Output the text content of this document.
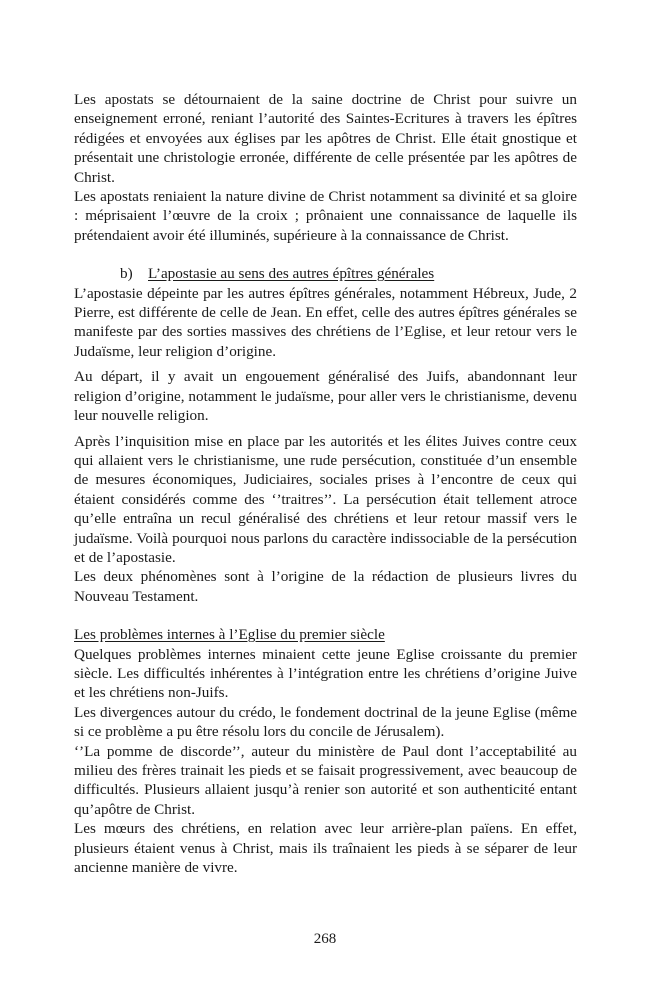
Les apostats se détournaient de la saine doctrine de Christ pour suivre un enseignement erroné, reniant l’autorité des Saintes-Ecritures à travers les épîtres rédigées et envoyées aux églises par les apôtres de Christ. Elle était gnostique et présentait une christologie erronée, différente de celle présentée par les apôtres de Christ.

Les apostats reniaient la nature divine de Christ notamment sa divinité et sa gloire : méprisaient l’œuvre de la croix ; prônaient une connaissance de laquelle ils prétendaient avoir été illuminés, supérieure à la connaissance de Christ.

b) L’apostasie au sens des autres épîtres générales

L’apostasie dépeinte par les autres épîtres générales, notamment Hébreux, Jude, 2 Pierre, est différente de celle de Jean. En effet, celle des autres épîtres générales se manifeste par des sorties massives des chrétiens de l’Eglise, et leur retour vers le Judaïsme, leur religion d’origine.

Au départ, il y avait un engouement généralisé des Juifs, abandonnant leur religion d’origine, notamment le judaïsme, pour aller vers le christianisme, devenu leur nouvelle religion.

Après l’inquisition mise en place par les autorités et les élites Juives contre ceux qui allaient vers le christianisme, une rude persécution, constituée d’un ensemble de mesures économiques, Judiciaires, sociales prises à l’encontre de ceux qui étaient considérés comme des ‘’traitres’’. La persécution était tellement atroce qu’elle entraîna un recul généralisé des chrétiens et leur retour massif vers le judaïsme. Voilà pourquoi nous parlons du caractère indissociable de la persécution et de l’apostasie.

Les deux phénomènes sont à l’origine de la rédaction de plusieurs livres du Nouveau Testament.

Les problèmes internes à l’Eglise du premier siècle

Quelques problèmes internes minaient cette jeune Eglise croissante du premier siècle. Les difficultés inhérentes à l’intégration entre les chrétiens d’origine Juive et les chrétiens non-Juifs.

Les divergences autour du crédo, le fondement doctrinal de la jeune Eglise (même si ce problème a pu être résolu lors du concile de Jérusalem).

‘’La pomme de discorde’’, auteur du ministère de Paul dont l’acceptabilité au milieu des frères trainait les pieds et se faisait progressivement, avec beaucoup de difficultés. Plusieurs allaient jusqu’à renier son autorité et son authenticité entant qu’apôtre de Christ.

Les mœurs des chrétiens, en relation avec leur arrière-plan païens. En effet, plusieurs étaient venus à Christ, mais ils traînaient les pieds à se séparer de leur ancienne manière de vivre.

268
